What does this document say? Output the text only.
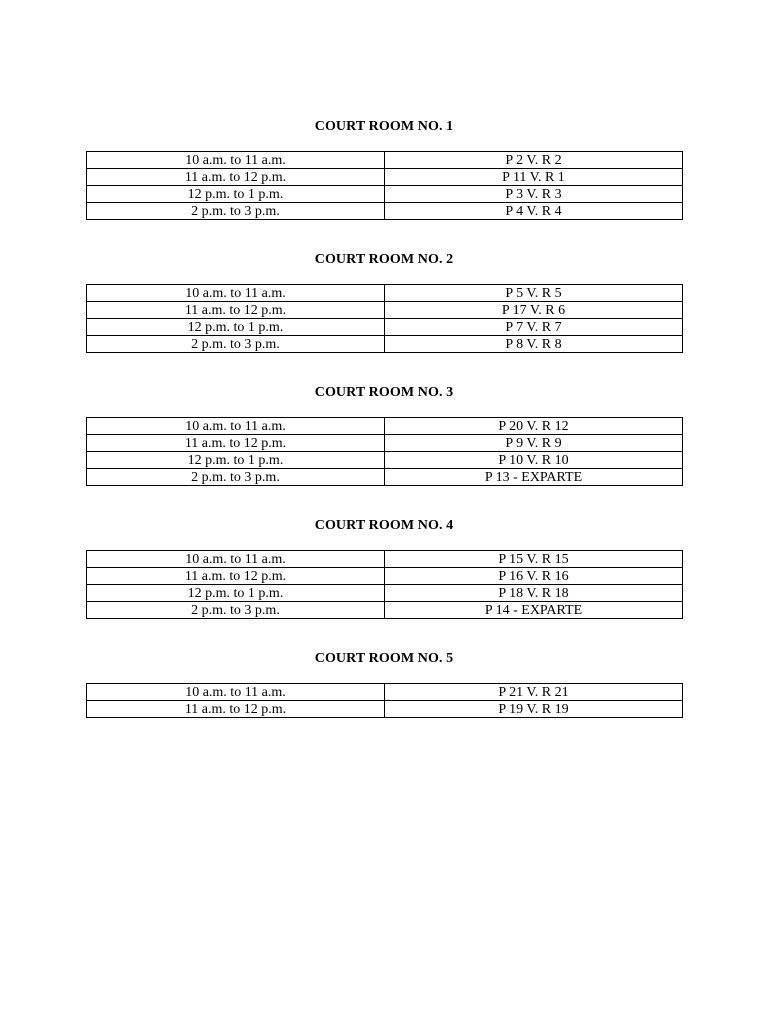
COURT ROOM NO. 1
10 a.m. to 11 a.m.	P 2 V. R 2
11 a.m. to 12 p.m.	P 11 V. R 1
12 p.m. to 1 p.m.	P 3 V. R 3
2 p.m. to 3 p.m.	P 4 V. R 4
COURT ROOM NO. 2
10 a.m. to 11 a.m.	P 5 V. R 5
11 a.m. to 12 p.m.	P 17 V. R 6
12 p.m. to 1 p.m.	P 7 V. R 7
2 p.m. to 3 p.m.	P 8 V. R 8
COURT ROOM NO. 3
10 a.m. to 11 a.m.	P 20 V. R 12
11 a.m. to 12 p.m.	P 9 V. R 9
12 p.m. to 1 p.m.	P 10 V. R 10
2 p.m. to 3 p.m.	P 13 - EXPARTE
COURT ROOM NO. 4
10 a.m. to 11 a.m.	P 15 V. R 15
11 a.m. to 12 p.m.	P 16 V. R 16
12 p.m. to 1 p.m.	P 18 V. R 18
2 p.m. to 3 p.m.	P 14 - EXPARTE
COURT ROOM NO. 5
10 a.m. to 11 a.m.	P 21 V. R 21
11 a.m. to 12 p.m.	P 19 V. R 19
